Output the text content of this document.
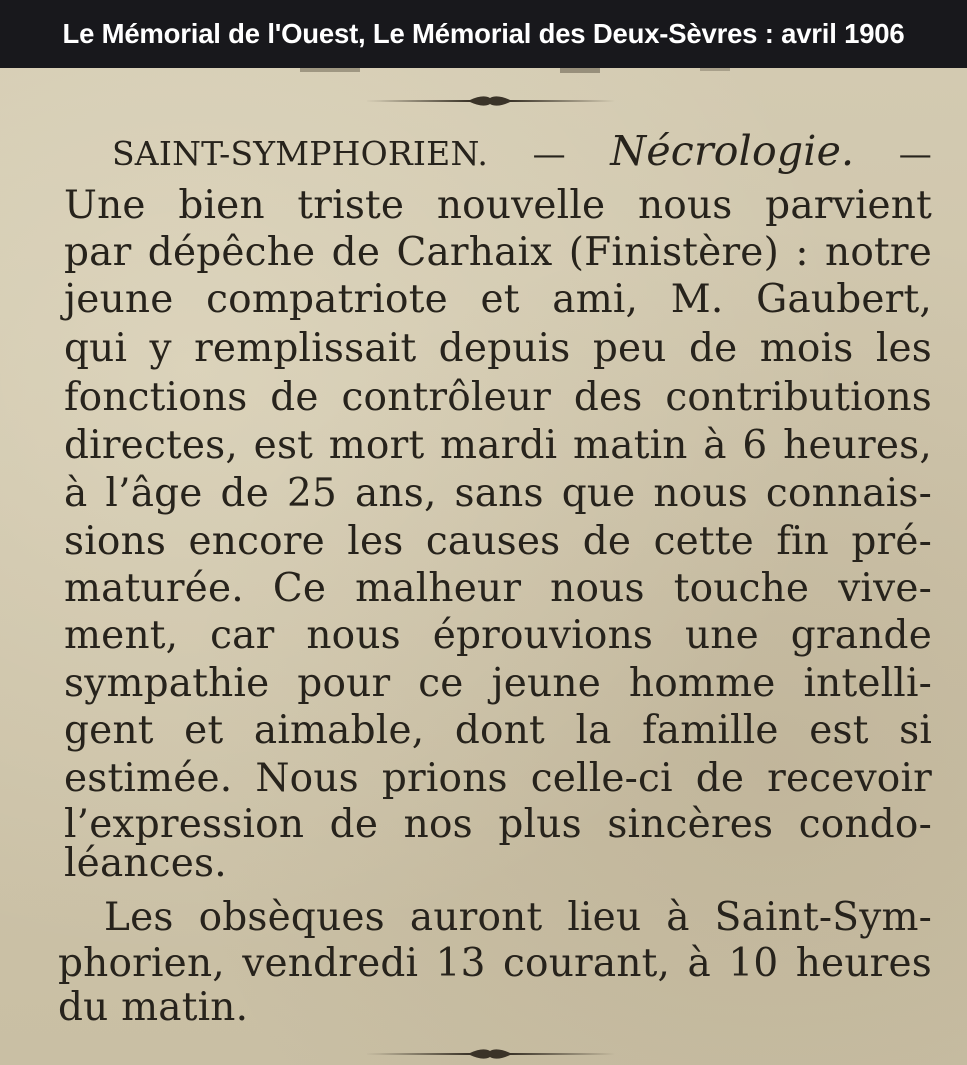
Le Mémorial de l'Ouest, Le Mémorial des Deux-Sèvres : avril 1906

SAINT-SYMPHORIEN. — Nécrologie. —

Une bien triste nouvelle nous parvient

par dépêche de Carhaix (Finistère) : notre

jeune compatriote et ami, M. Gaubert,

qui y remplissait depuis peu de mois les

fonctions de contrôleur des contributions

directes, est mort mardi matin à 6 heures,

à l’âge de 25 ans, sans que nous connais-

sions encore les causes de cette fin pré-

maturée. Ce malheur nous touche vive-

ment, car nous éprouvions une grande

sympathie pour ce jeune homme intelli-

gent et aimable, dont la famille est si

estimée. Nous prions celle-ci de recevoir

l’expression de nos plus sincères condo-

léances.

Les obsèques auront lieu à Saint-Sym-

phorien, vendredi 13 courant, à 10 heures

du matin.
